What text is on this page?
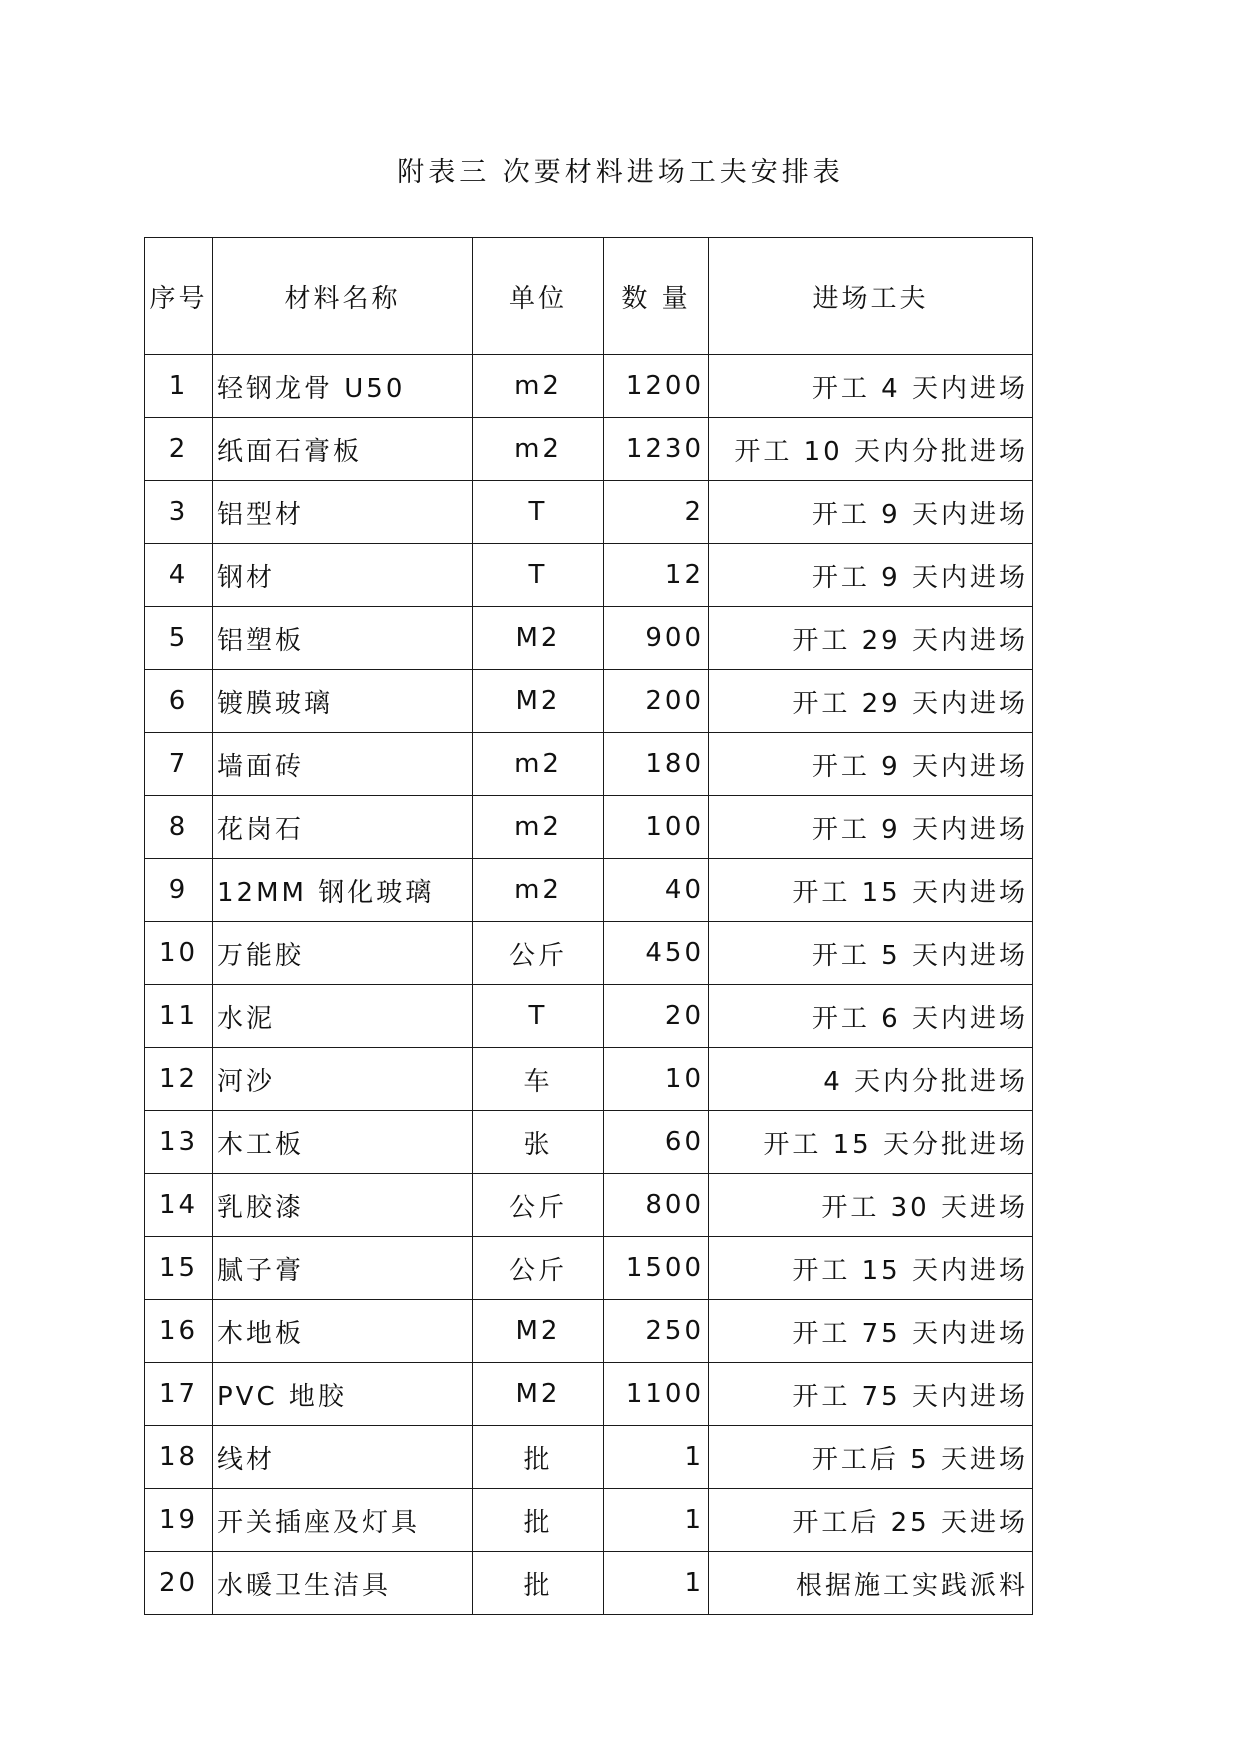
附表三 次要材料进场工夫安排表
序号	材料名称	单位	数 量	进场工夫
1	轻钢龙骨 U50	m2	1200	开工 4 天内进场
2	纸面石膏板	m2	1230	开工 10 天内分批进场
3	铝型材	T	2	开工 9 天内进场
4	钢材	T	12	开工 9 天内进场
5	铝塑板	M2	900	开工 29 天内进场
6	镀膜玻璃	M2	200	开工 29 天内进场
7	墙面砖	m2	180	开工 9 天内进场
8	花岗石	m2	100	开工 9 天内进场
9	12MM 钢化玻璃	m2	40	开工 15 天内进场
10	万能胶	公斤	450	开工 5 天内进场
11	水泥	T	20	开工 6 天内进场
12	河沙	车	10	4 天内分批进场
13	木工板	张	60	开工 15 天分批进场
14	乳胶漆	公斤	800	开工 30 天进场
15	腻子膏	公斤	1500	开工 15 天内进场
16	木地板	M2	250	开工 75 天内进场
17	PVC 地胶	M2	1100	开工 75 天内进场
18	线材	批	1	开工后 5 天进场
19	开关插座及灯具	批	1	开工后 25 天进场
20	水暖卫生洁具	批	1	根据施工实践派料
